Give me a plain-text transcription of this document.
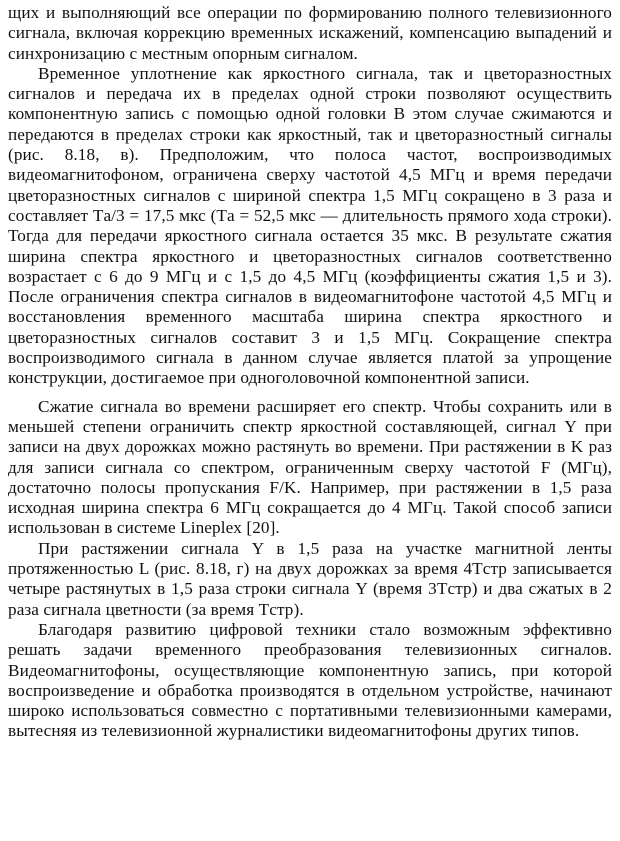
щих и выполняющий все операции по формированию полного телевизионного сигнала, включая коррекцию временных искажений, компенсацию выпадений и синхронизацию с местным опорным сигналом.

Временное уплотнение как яркостного сигнала, так и цветоразностных сигналов и передача их в пределах одной строки позволяют осуществить компонентную запись с помощью одной головки В этом случае сжимаются и передаются в пределах строки как яркостный, так и цветоразностный сигналы (рис. 8.18, в). Предположим, что полоса частот, воспроизводимых видеомагнитофоном, ограничена сверху частотой 4,5 МГц и время передачи цветоразностных сигналов с шириной спектра 1,5 МГц сокращено в 3 раза и составляет Tа/3 = 17,5 мкс (Tа = 52,5 мкс — длительность прямого хода строки). Тогда для передачи яркостного сигнала остается 35 мкс. В результате сжатия ширина спектра яркостного и цветоразностных сигналов соответственно возрастает с 6 до 9 МГц и с 1,5 до 4,5 МГц (коэффициенты сжатия 1,5 и 3). После ограничения спектра сигналов в видеомагнитофоне частотой 4,5 МГц и восстановления временного масштаба ширина спектра яркостного и цветоразностных сигналов составит 3 и 1,5 МГц. Сокращение спектра воспроизводимого сигнала в данном случае является платой за упрощение конструкции, достигаемое при одноголовочной компонентной записи.

Сжатие сигнала во времени расширяет его спектр. Чтобы сохранить или в меньшей степени ограничить спектр яркостной составляющей, сигнал Y при записи на двух дорожках можно растянуть во времени. При растяжении в K раз для записи сигнала со спектром, ограниченным сверху частотой F (МГц), достаточно полосы пропускания F/K. Например, при растяжении в 1,5 раза исходная ширина спектра 6 МГц сокращается до 4 МГц. Такой способ записи использован в системе Lineplex [20].

При растяжении сигнала Y в 1,5 раза на участке магнитной ленты протяженностью L (рис. 8.18, г) на двух дорожках за время 4Tстр записывается четыре растянутых в 1,5 раза строки сигнала Y (время 3Tстр) и два сжатых в 2 раза сигнала цветности (за время Tстр).

Благодаря развитию цифровой техники стало возможным эффективно решать задачи временного преобразования телевизионных сигналов. Видеомагнитофоны, осуществляющие компонентную запись, при которой воспроизведение и обработка производятся в отдельном устройстве, начинают широко использоваться совместно с портативными телевизионными камерами, вытесняя из телевизионной журналистики видеомагнитофоны других типов.
